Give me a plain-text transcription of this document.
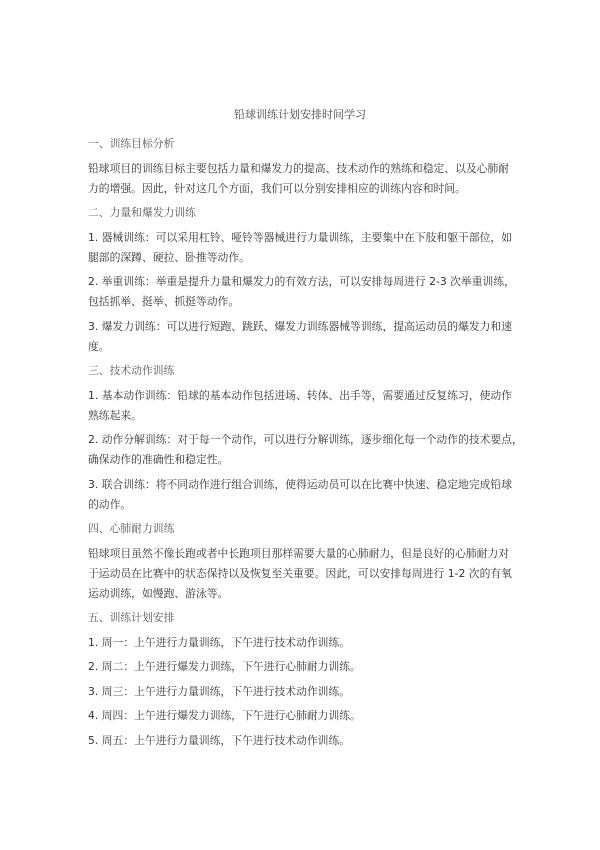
铅球训练计划安排时间学习
一、训练目标分析
铅球项目的训练目标主要包括力量和爆发力的提高、技术动作的熟练和稳定、以及心肺耐
力的增强。因此，针对这几个方面，我们可以分别安排相应的训练内容和时间。
二、力量和爆发力训练
1. 器械训练：可以采用杠铃、哑铃等器械进行力量训练，主要集中在下肢和躯干部位，如
腿部的深蹲、硬拉、卧推等动作。
2. 举重训练：举重是提升力量和爆发力的有效方法，可以安排每周进行 2-3 次举重训练，
包括抓举、挺举、抓挺等动作。
3. 爆发力训练：可以进行短跑、跳跃、爆发力训练器械等训练，提高运动员的爆发力和速
度。
三、技术动作训练
1. 基本动作训练：铅球的基本动作包括进场、转体、出手等，需要通过反复练习，使动作
熟练起来。
2. 动作分解训练：对于每一个动作，可以进行分解训练，逐步细化每一个动作的技术要点，
确保动作的准确性和稳定性。
3. 联合训练：将不同动作进行组合训练，使得运动员可以在比赛中快速、稳定地完成铅球
的动作。
四、心肺耐力训练
铅球项目虽然不像长跑或者中长跑项目那样需要大量的心肺耐力，但是良好的心肺耐力对
于运动员在比赛中的状态保持以及恢复至关重要。因此，可以安排每周进行 1-2 次的有氧
运动训练，如慢跑、游泳等。
五、训练计划安排
1. 周一：上午进行力量训练，下午进行技术动作训练。
2. 周二：上午进行爆发力训练，下午进行心肺耐力训练。
3. 周三：上午进行力量训练，下午进行技术动作训练。
4. 周四：上午进行爆发力训练，下午进行心肺耐力训练。
5. 周五：上午进行力量训练，下午进行技术动作训练。
